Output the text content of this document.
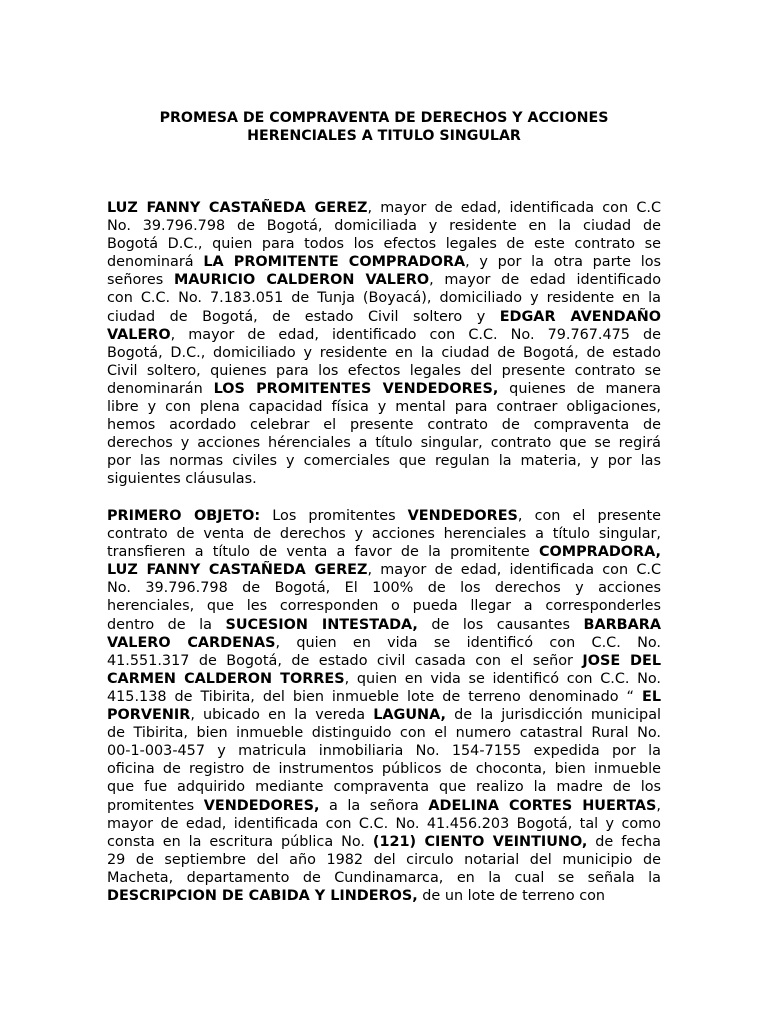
PROMESA DE COMPRAVENTA DE DERECHOS Y ACCIONES
HERENCIALES A TITULO SINGULAR
LUZ FANNY CASTAÑEDA GEREZ, mayor de edad, identificada con C.C
No. 39.796.798 de Bogotá, domiciliada y residente en la ciudad de
Bogotá D.C., quien para todos los efectos legales de este contrato se
denominará LA PROMITENTE COMPRADORA, y por la otra parte los
señores MAURICIO CALDERON VALERO, mayor de edad identificado
con C.C. No. 7.183.051 de Tunja (Boyacá), domiciliado y residente en la
ciudad de Bogotá, de estado Civil soltero y EDGAR AVENDAÑO
VALERO, mayor de edad, identificado con C.C. No. 79.767.475 de
Bogotá, D.C., domiciliado y residente en la ciudad de Bogotá, de estado
Civil soltero, quienes para los efectos legales del presente contrato se
denominarán LOS PROMITENTES VENDEDORES, quienes de manera
libre y con plena capacidad física y mental para contraer obligaciones,
hemos acordado celebrar el presente contrato de compraventa de
derechos y acciones hérenciales a título singular, contrato que se regirá
por las normas civiles y comerciales que regulan la materia, y por las
siguientes cláusulas.
PRIMERO OBJETO: Los promitentes VENDEDORES, con el presente
contrato de venta de derechos y acciones herenciales a título singular,
transfieren a título de venta a favor de la promitente COMPRADORA,
LUZ FANNY CASTAÑEDA GEREZ, mayor de edad, identificada con C.C
No. 39.796.798 de Bogotá, El 100% de los derechos y acciones
herenciales, que les corresponden o pueda llegar a corresponderles
dentro de la SUCESION INTESTADA, de los causantes BARBARA
VALERO CARDENAS, quien en vida se identificó con C.C. No.
41.551.317 de Bogotá, de estado civil casada con el señor JOSE DEL
CARMEN CALDERON TORRES, quien en vida se identificó con C.C. No.
415.138 de Tibirita, del bien inmueble lote de terreno denominado “ EL
PORVENIR, ubicado en la vereda LAGUNA, de la jurisdicción municipal
de Tibirita, bien inmueble distinguido con el numero catastral Rural No.
00-1-003-457 y matricula inmobiliaria No. 154-7155 expedida por la
oficina de registro de instrumentos públicos de choconta, bien inmueble
que fue adquirido mediante compraventa que realizo la madre de los
promitentes VENDEDORES, a la señora ADELINA CORTES HUERTAS,
mayor de edad, identificada con C.C. No. 41.456.203 Bogotá, tal y como
consta en la escritura pública No. (121) CIENTO VEINTIUNO, de fecha
29 de septiembre del año 1982 del circulo notarial del municipio de
Macheta, departamento de Cundinamarca, en la cual se señala la
DESCRIPCION DE CABIDA Y LINDEROS, de un lote de terreno con
